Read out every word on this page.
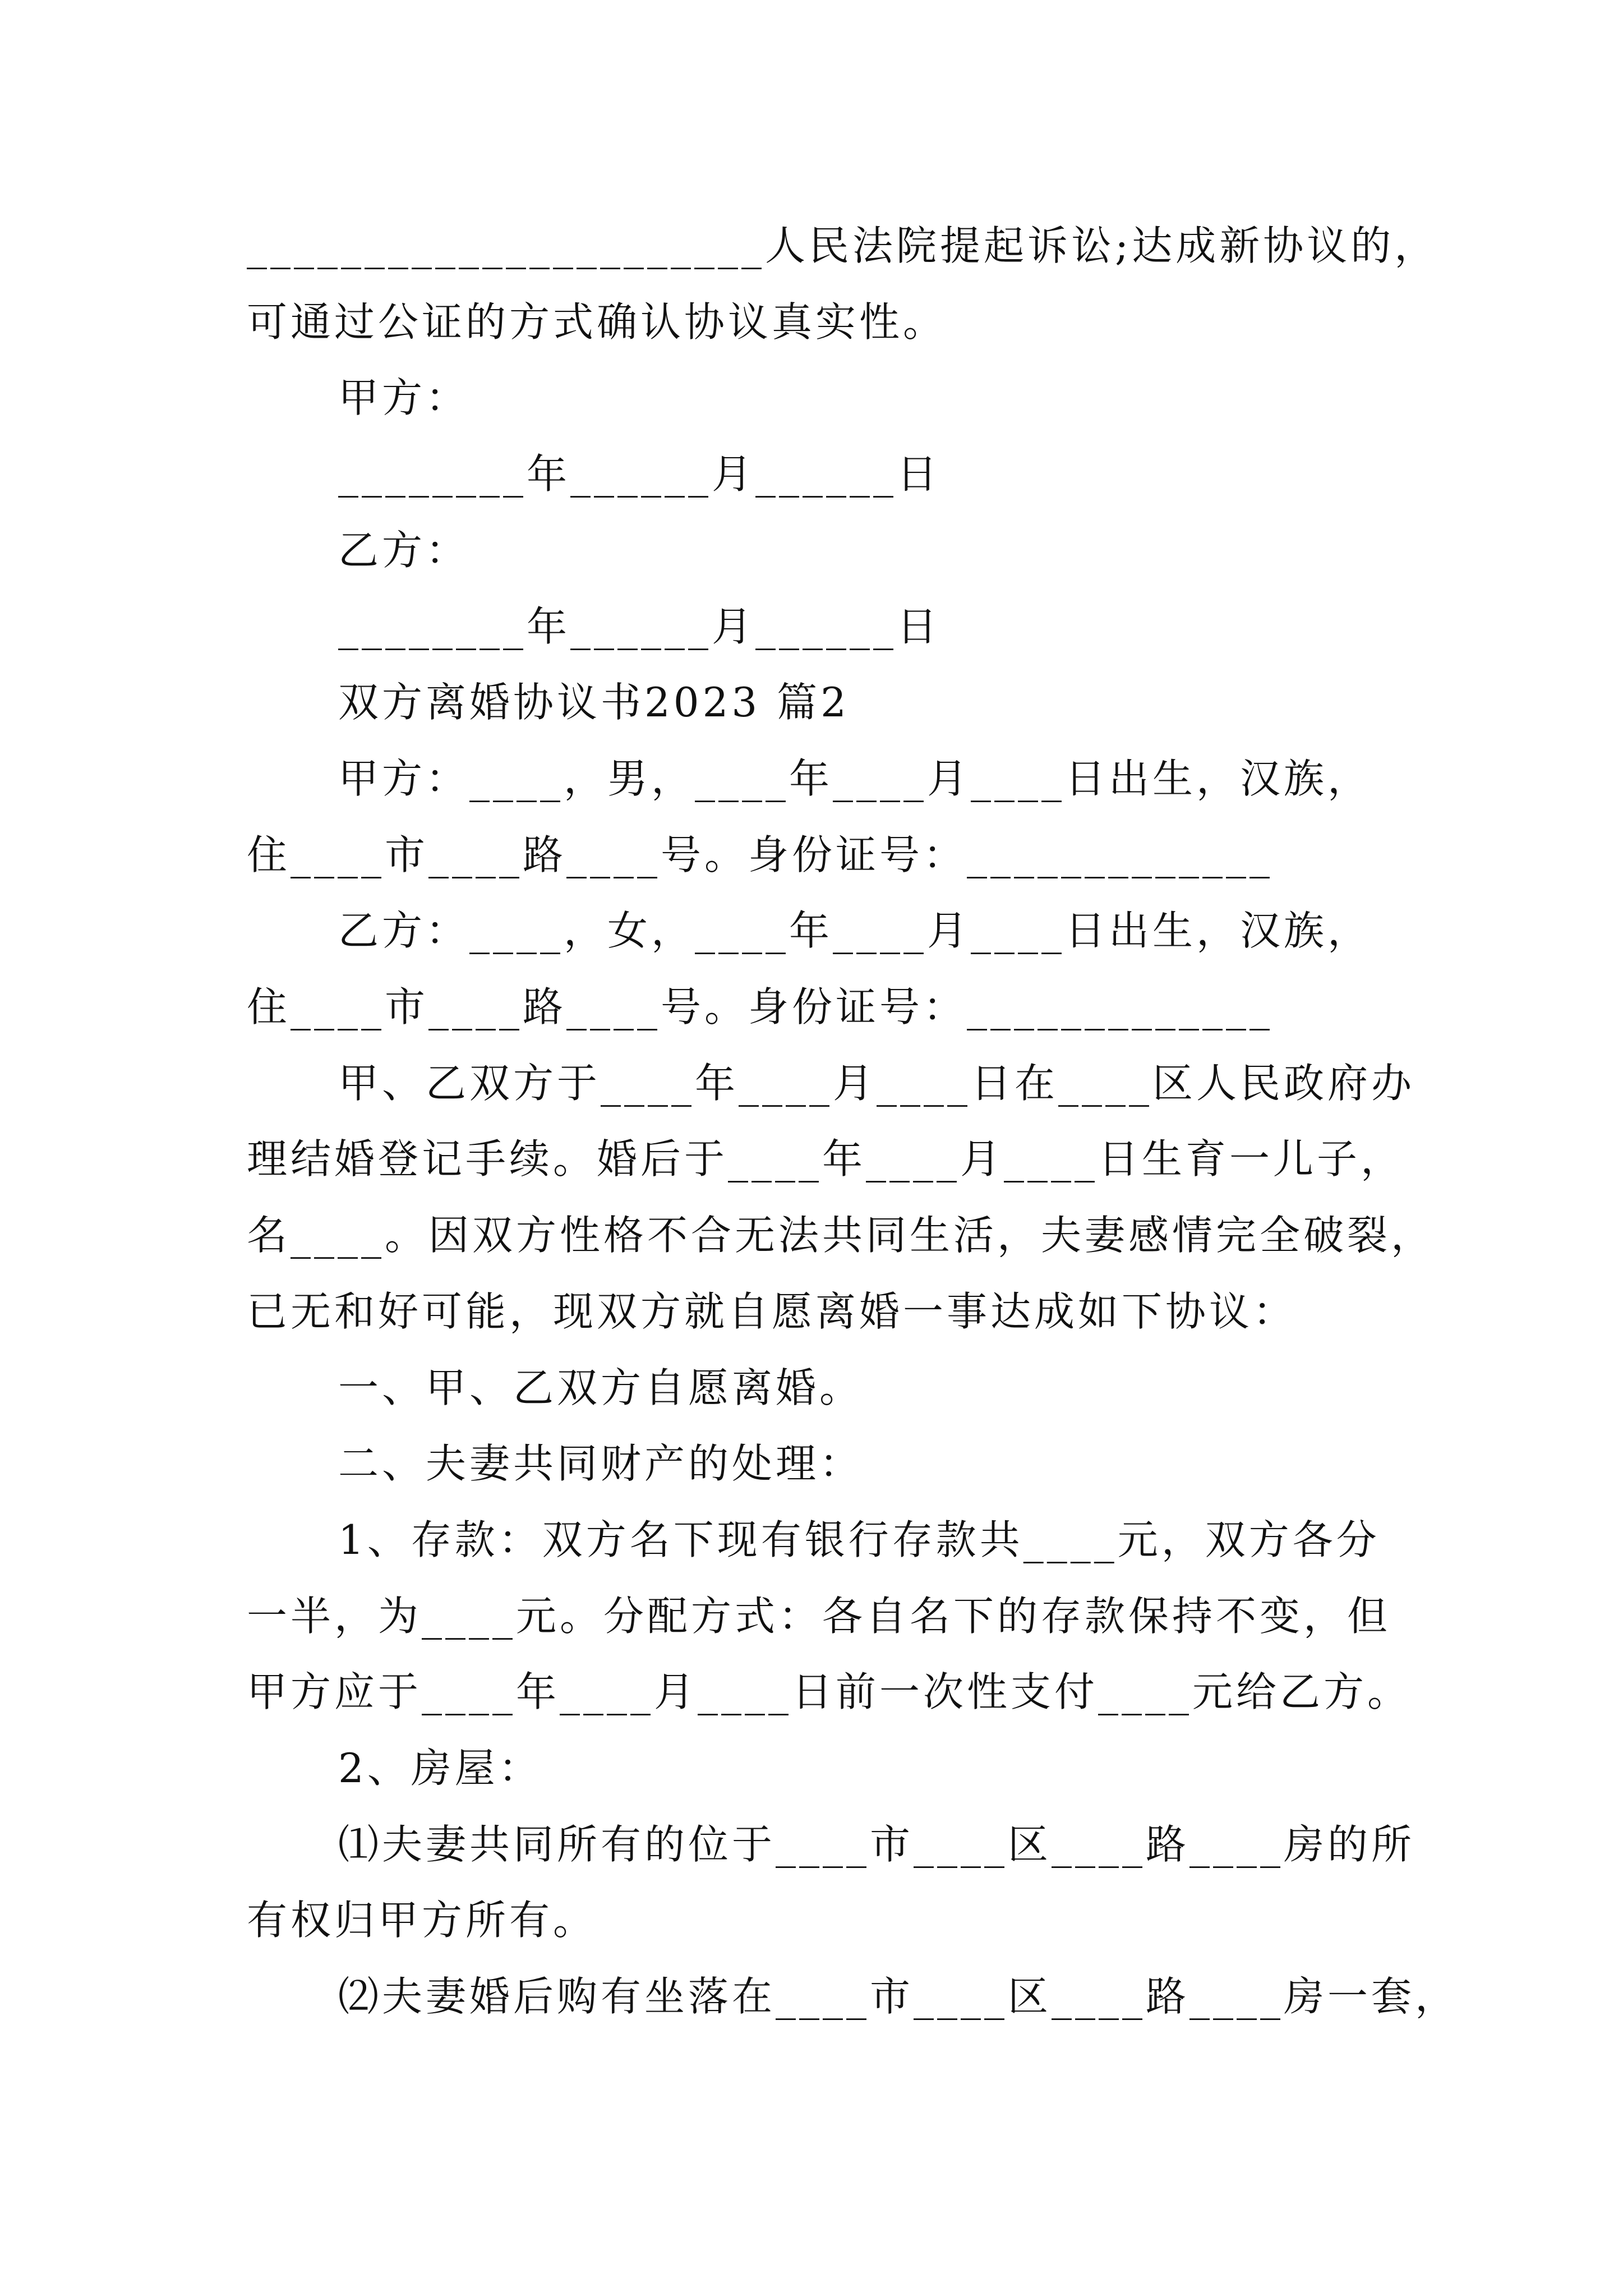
______________________人民法院提起诉讼;达成新协议的，
可通过公证的方式确认协议真实性。
甲方：
________年______月______日
乙方：
________年______月______日
双方离婚协议书2023 篇2
甲方：____，男，____年____月____日出生，汉族，
住____市____路____号。身份证号：_____________
乙方：____，女，____年____月____日出生，汉族，
住____市____路____号。身份证号：_____________
甲、乙双方于____年____月____日在____区人民政府办
理结婚登记手续。婚后于____年____月____日生育一儿子，
名____。因双方性格不合无法共同生活，夫妻感情完全破裂，
已无和好可能，现双方就自愿离婚一事达成如下协议：
一、甲、乙双方自愿离婚。
二、夫妻共同财产的处理：
1、存款：双方名下现有银行存款共____元，双方各分
一半，为____元。分配方式：各自名下的存款保持不变，但
甲方应于____年____月____日前一次性支付____元给乙方。
2、房屋：
⑴夫妻共同所有的位于____市____区____路____房的所
有权归甲方所有。
⑵夫妻婚后购有坐落在____市____区____路____房一套，
